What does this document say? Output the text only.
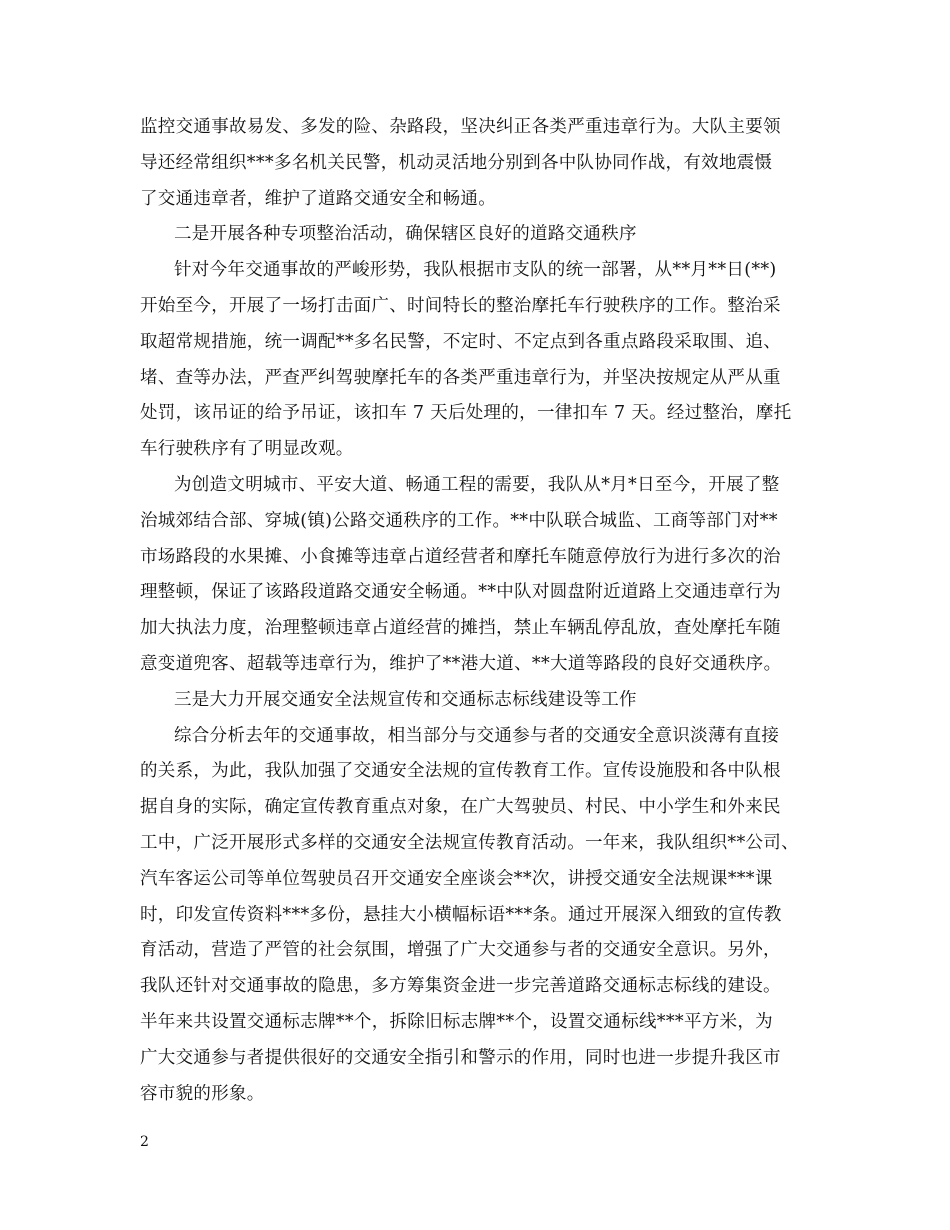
监控交通事故易发、多发的险、杂路段，坚决纠正各类严重违章行为。大队主要领
导还经常组织***多名机关民警，机动灵活地分别到各中队协同作战，有效地震慑
了交通违章者，维护了道路交通安全和畅通。
二是开展各种专项整治活动，确保辖区良好的道路交通秩序
针对今年交通事故的严峻形势，我队根据市支队的统一部署，从**月**日(**)
开始至今，开展了一场打击面广、时间特长的整治摩托车行驶秩序的工作。整治采
取超常规措施，统一调配**多名民警，不定时、不定点到各重点路段采取围、追、
堵、查等办法，严查严纠驾驶摩托车的各类严重违章行为，并坚决按规定从严从重
处罚，该吊证的给予吊证，该扣车 7 天后处理的，一律扣车 7 天。经过整治，摩托
车行驶秩序有了明显改观。
为创造文明城市、平安大道、畅通工程的需要，我队从*月*日至今，开展了整
治城郊结合部、穿城(镇)公路交通秩序的工作。**中队联合城监、工商等部门对**
市场路段的水果摊、小食摊等违章占道经营者和摩托车随意停放行为进行多次的治
理整顿，保证了该路段道路交通安全畅通。**中队对圆盘附近道路上交通违章行为
加大执法力度，治理整顿违章占道经营的摊挡，禁止车辆乱停乱放，查处摩托车随
意变道兜客、超载等违章行为，维护了**港大道、**大道等路段的良好交通秩序。
三是大力开展交通安全法规宣传和交通标志标线建设等工作
综合分析去年的交通事故，相当部分与交通参与者的交通安全意识淡薄有直接
的关系，为此，我队加强了交通安全法规的宣传教育工作。宣传设施股和各中队根
据自身的实际，确定宣传教育重点对象，在广大驾驶员、村民、中小学生和外来民
工中，广泛开展形式多样的交通安全法规宣传教育活动。一年来，我队组织**公司、
汽车客运公司等单位驾驶员召开交通安全座谈会**次，讲授交通安全法规课***课
时，印发宣传资料***多份，悬挂大小横幅标语***条。通过开展深入细致的宣传教
育活动，营造了严管的社会氛围，增强了广大交通参与者的交通安全意识。另外，
我队还针对交通事故的隐患，多方筹集资金进一步完善道路交通标志标线的建设。
半年来共设置交通标志牌**个，拆除旧标志牌**个，设置交通标线***平方米，为
广大交通参与者提供很好的交通安全指引和警示的作用，同时也进一步提升我区市
容市貌的形象。
2
